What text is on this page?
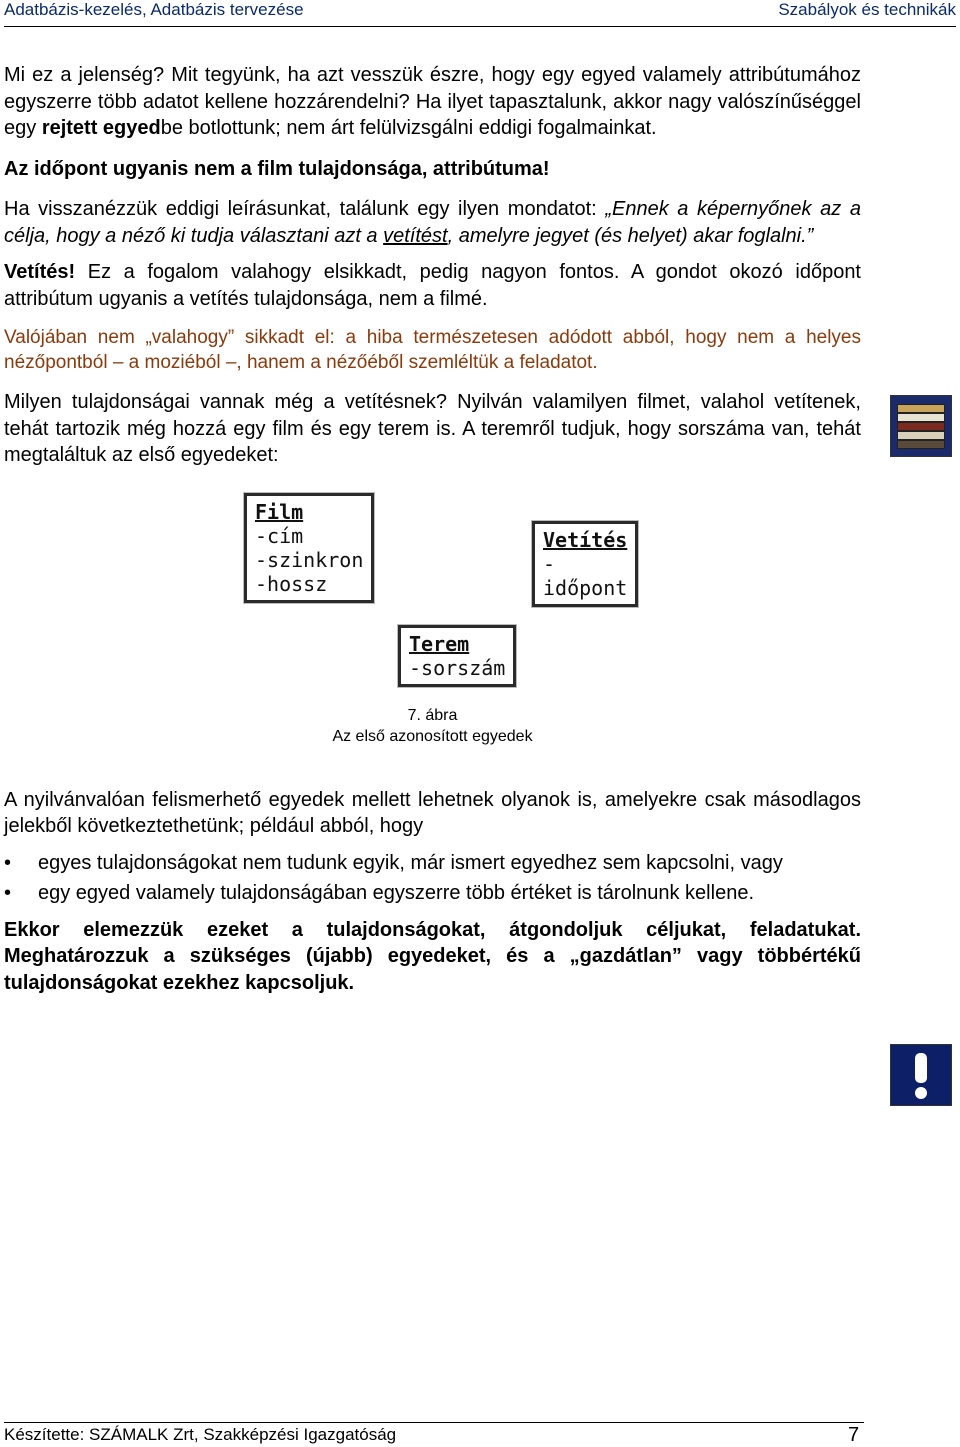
Adatbázis-kezelés, Adatbázis tervezése	Szabályok és technikák

Mi ez a jelenség? Mit tegyünk, ha azt vesszük észre, hogy egy egyed valamely attribútumához egyszerre több adatot kellene hozzárendelni? Ha ilyet tapasztalunk, akkor nagy valószínűséggel egy rejtett egyedbe botlottunk; nem árt felülvizsgálni eddigi fogalmainkat.

Az időpont ugyanis nem a film tulajdonsága, attribútuma!

Ha visszanézzük eddigi leírásunkat, találunk egy ilyen mondatot: „Ennek a képernyőnek az a célja, hogy a néző ki tudja választani azt a vetítést, amelyre jegyet (és helyet) akar foglalni.”

Vetítés! Ez a fogalom valahogy elsikkadt, pedig nagyon fontos. A gondot okozó időpont attribútum ugyanis a vetítés tulajdonsága, nem a filmé.

Valójában nem „valahogy” sikkadt el: a hiba természetesen adódott abból, hogy nem a helyes nézőpontból – a moziéból –, hanem a nézőéből szemléltük a feladatot.

Milyen tulajdonságai vannak még a vetítésnek? Nyilván valamilyen filmet, valahol vetítenek, tehát tartozik még hozzá egy film és egy terem is. A teremről tudjuk, hogy sorszáma van, tehát megtaláltuk az első egyedeket:

Film
-cím
-szinkron
-hossz
Vetítés
-időpont
Terem
-sorszám
7. ábra
Az első azonosított egyedek

A nyilvánvalóan felismerhető egyedek mellett lehetnek olyanok is, amelyekre csak másodlagos jelekből következtethetünk; például abból, hogy

• egyes tulajdonságokat nem tudunk egyik, már ismert egyedhez sem kapcsolni, vagy
• egy egyed valamely tulajdonságában egyszerre több értéket is tárolnunk kellene.

Ekkor elemezzük ezeket a tulajdonságokat, átgondoljuk céljukat, feladatukat. Meghatározzuk a szükséges (újabb) egyedeket, és a „gazdátlan” vagy többértékű tulajdonságokat ezekhez kapcsoljuk.

Készítette: SZÁMALK Zrt, Szakképzési Igazgatóság	7
